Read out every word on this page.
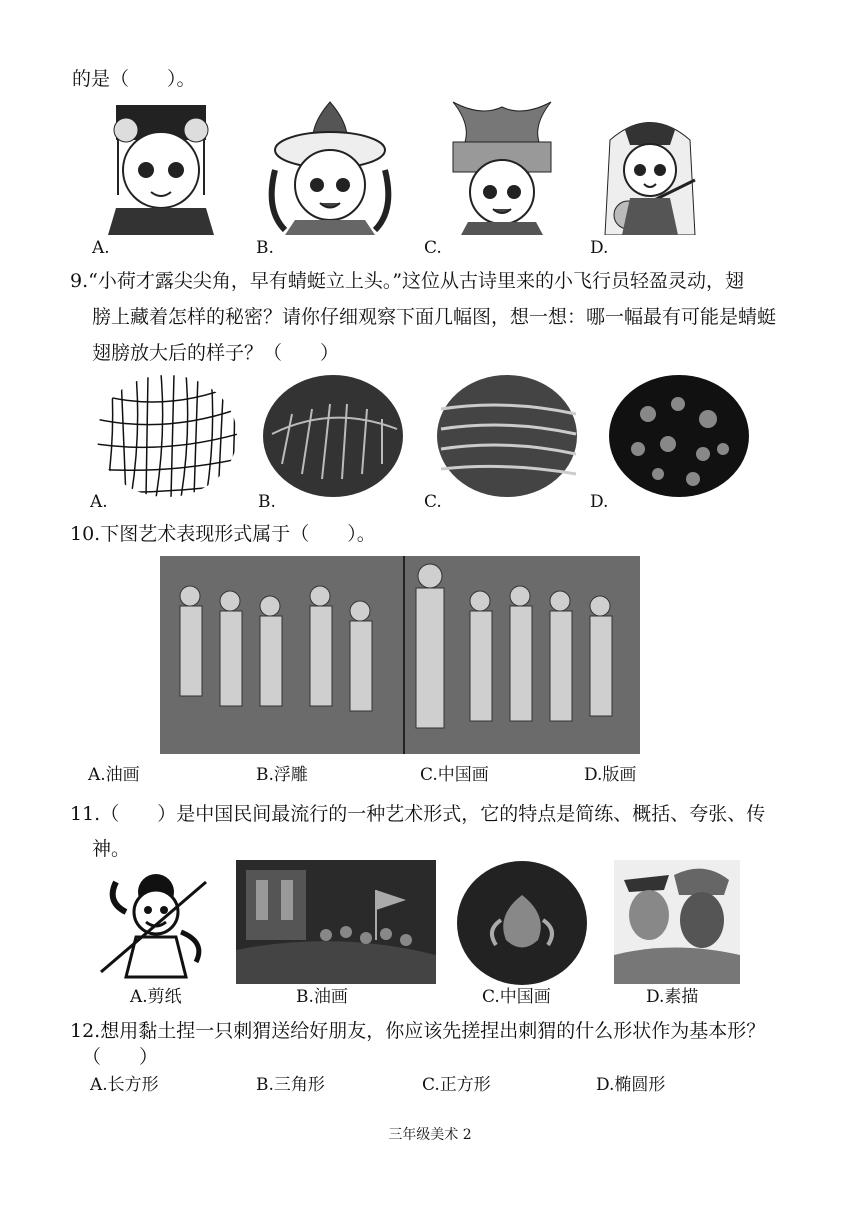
的是（　　）。
A.	B.	C.	D.
9.“小荷才露尖尖角，早有蜻蜓立上头。”这位从古诗里来的小飞行员轻盈灵动，翅
膀上藏着怎样的秘密？请你仔细观察下面几幅图，想一想：哪一幅最有可能是蜻蜓
翅膀放大后的样子？（　　）
A.	B.	C.	D.
10.下图艺术表现形式属于（　　）。
A.油画	B.浮雕	C.中国画	D.版画
11.（　　）是中国民间最流行的一种艺术形式，它的特点是简练、概括、夸张、传
神。
A.剪纸	B.油画	C.中国画	D.素描
12.想用黏土捏一只刺猬送给好朋友，你应该先搓捏出刺猬的什么形状作为基本形？
（　　）
A.长方形	B.三角形	C.正方形	D.椭圆形
三年级美术 2
